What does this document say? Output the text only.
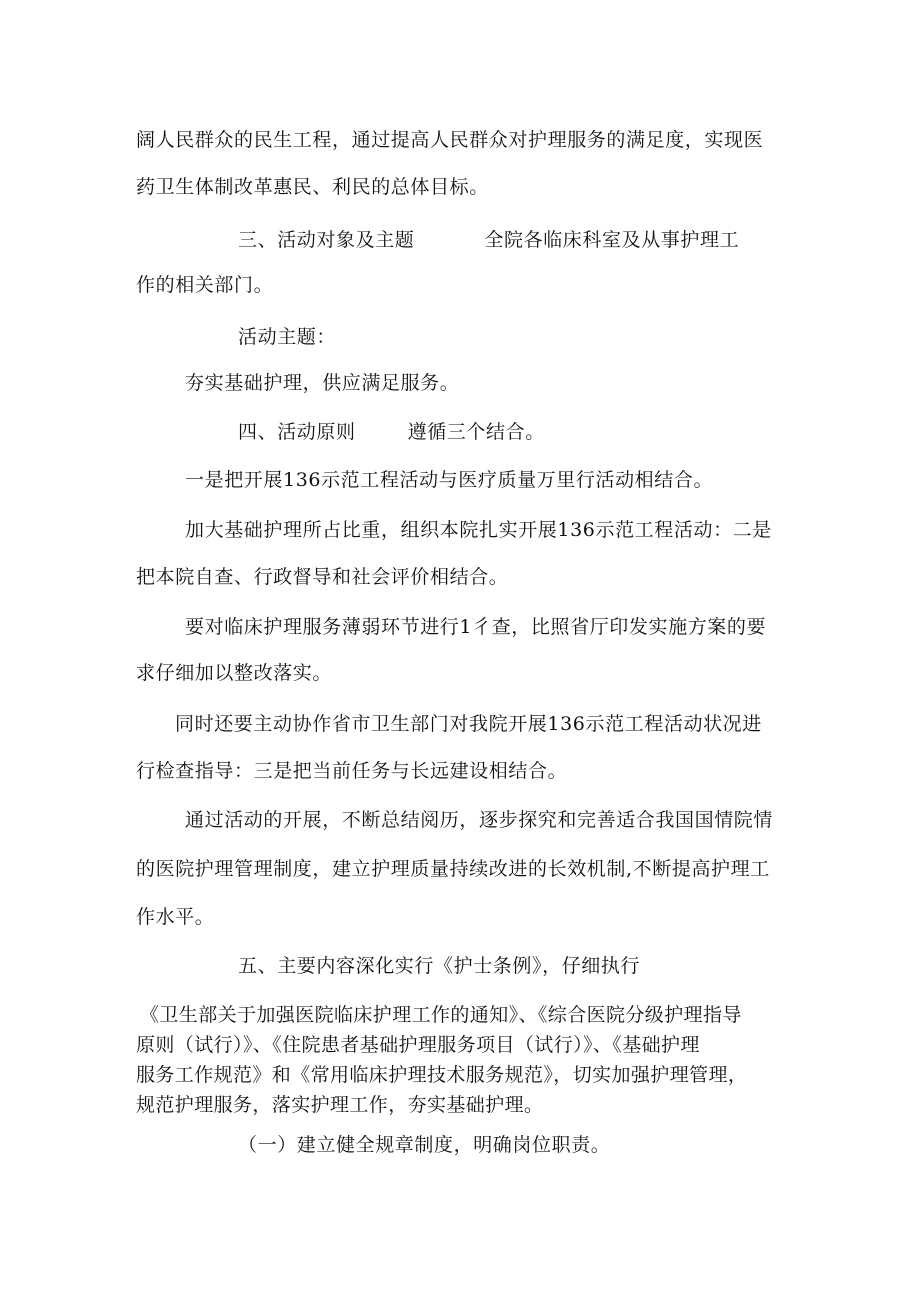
阔人民群众的民生工程，通过提高人民群众对护理服务的满足度，实现医
药卫生体制改革惠民、利民的总体目标。
三、活动对象及主题	全院各临床科室及从事护理工
作的相关部门。
活动主题：
夯实基础护理，供应满足服务。
四、活动原则	遵循三个结合。
一是把开展136示范工程活动与医疗质量万里行活动相结合。
加大基础护理所占比重，组织本院扎实开展136示范工程活动：二是
把本院自查、行政督导和社会评价相结合。
要对临床护理服务薄弱环节进行1彳查，比照省厅印发实施方案的要
求仔细加以整改落实。
同时还要主动协作省市卫生部门对我院开展136示范工程活动状况进
行检查指导：三是把当前任务与长远建设相结合。
通过活动的开展，不断总结阅历，逐步探究和完善适合我国国情院情
的医院护理管理制度，建立护理质量持续改进的长效机制,不断提高护理工
作水平。
五、主要内容深化实行《护士条例》，仔细执行
《卫生部关于加强医院临床护理工作的通知》、《综合医院分级护理指导
原则（试行）》、《住院患者基础护理服务项目（试行）》、《基础护理
服务工作规范》和《常用临床护理技术服务规范》，切实加强护理管理，
规范护理服务，落实护理工作，夯实基础护理。
（一）建立健全规章制度，明确岗位职责。
